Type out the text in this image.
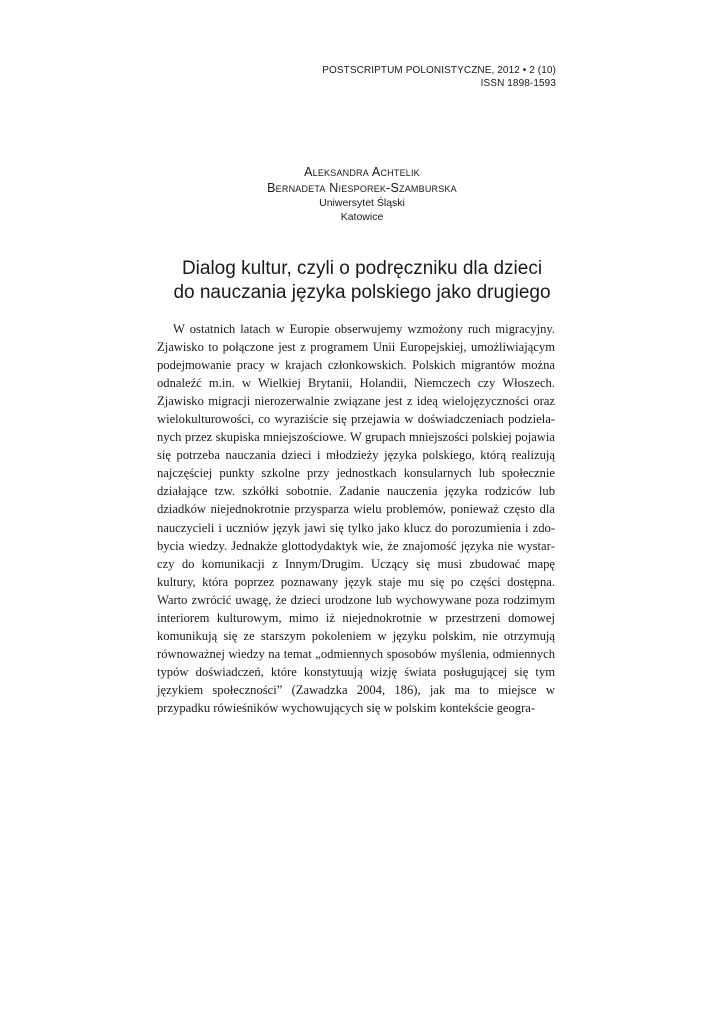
POSTSCRIPTUM POLONISTYCZNE, 2012 • 2 (10)
ISSN 1898-1593
Aleksandra Achtelik
Bernadeta Niesporek-Szamburska
Uniwersytet Śląski
Katowice
Dialog kultur, czyli o podręczniku dla dzieci
do nauczania języka polskiego jako drugiego

W ostatnich latach w Europie obserwujemy wzmożony ruch migracyjny. Zjawisko to połączone jest z programem Unii Europejskiej, umożliwiającym podejmowanie pracy w krajach członkowskich. Polskich migrantów można odnaleźć m.in. w Wielkiej Brytanii, Holandii, Niemczech czy Włoszech. Zjawisko migracji nierozerwalnie związane jest z ideą wielojęzyczności oraz wielokulturowości, co wyraziście się przejawia w doświadczeniach podzielanych przez skupiska mniejszościowe. W grupach mniejszości polskiej pojawia się potrzeba nauczania dzieci i młodzieży języka polskiego, którą realizują najczęściej punkty szkolne przy jednostkach konsularnych lub społecznie działające tzw. szkółki sobotnie. Zadanie nauczenia języka rodziców lub dziadków niejednokrotnie przysparza wielu problemów, ponieważ często dla nauczycieli i uczniów język jawi się tylko jako klucz do porozumienia i zdobycia wiedzy. Jednakże glottodydaktyk wie, że znajomość języka nie wystarczy do komunikacji z Innym/Drugim. Uczący się musi zbudować mapę kultury, która poprzez poznawany język staje mu się po części dostępna. Warto zwrócić uwagę, że dzieci urodzone lub wychowywane poza rodzimym interiorem kulturowym, mimo iż niejednokrotnie w przestrzeni domowej komunikują się ze starszym pokoleniem w języku polskim, nie otrzymują równoważnej wiedzy na temat „odmiennych sposobów myślenia, odmiennych typów doświadczeń, które konstytuują wizję świata posługującej się tym językiem społeczności” (Zawadzka 2004, 186), jak ma to miejsce w przypadku rówieśników wychowujących się w polskim kontekście geogra-
